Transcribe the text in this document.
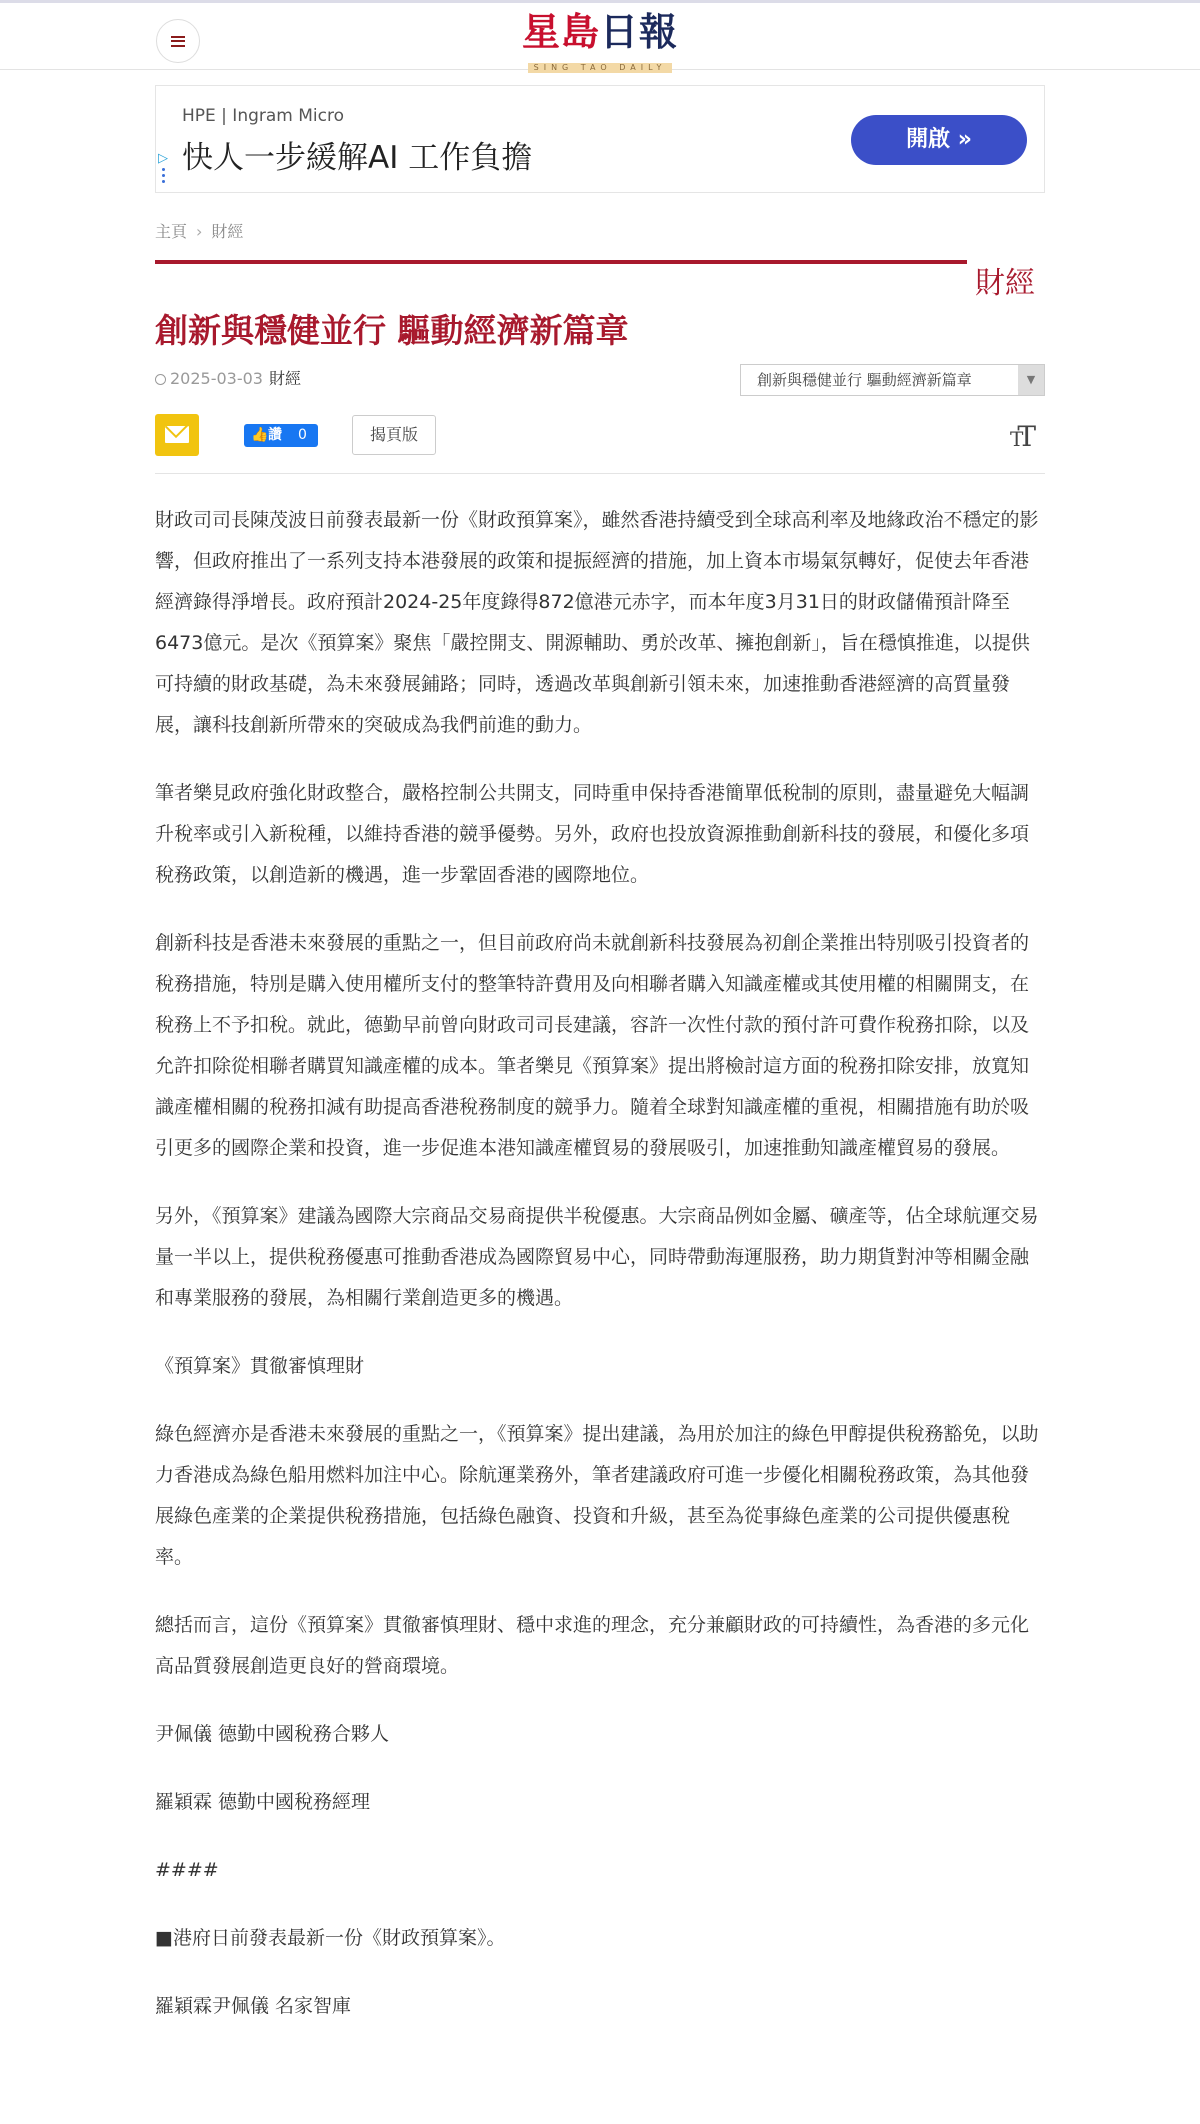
星島日報
SING TAO DAILY
HPE | Ingram Micro
快人一步緩解AI 工作負擔
▷
開啟 »
主頁 › 財經
財經
創新與穩健並行 驅動經濟新篇章
2025-03-03 財經	創新與穩健並行 驅動經濟新篇章	▼
👍 讚 0	揭頁版	TT

財政司司長陳茂波日前發表最新一份《財政預算案》，雖然香港持續受到全球高利率及地緣政治不穩定的影響，但政府推出了一系列支持本港發展的政策和提振經濟的措施，加上資本市場氣氛轉好，促使去年香港經濟錄得淨增長。政府預計2024-25年度錄得872億港元赤字，而本年度3月31日的財政儲備預計降至6473億元。是次《預算案》聚焦「嚴控開支、開源輔助、勇於改革、擁抱創新」，旨在穩慎推進，以提供可持續的財政基礎，為未來發展鋪路；同時，透過改革與創新引領未來，加速推動香港經濟的高質量發展，讓科技創新所帶來的突破成為我們前進的動力。

筆者樂見政府強化財政整合，嚴格控制公共開支，同時重申保持香港簡單低稅制的原則，盡量避免大幅調升稅率或引入新稅種，以維持香港的競爭優勢。另外，政府也投放資源推動創新科技的發展，和優化多項稅務政策，以創造新的機遇，進一步鞏固香港的國際地位。

創新科技是香港未來發展的重點之一，但目前政府尚未就創新科技發展為初創企業推出特別吸引投資者的稅務措施，特別是購入使用權所支付的整筆特許費用及向相聯者購入知識產權或其使用權的相關開支，在稅務上不予扣稅。就此，德勤早前曾向財政司司長建議，容許一次性付款的預付許可費作稅務扣除，以及允許扣除從相聯者購買知識產權的成本。筆者樂見《預算案》提出將檢討這方面的稅務扣除安排，放寬知識產權相關的稅務扣減有助提高香港稅務制度的競爭力。隨着全球對知識產權的重視，相關措施有助於吸引更多的國際企業和投資，進一步促進本港知識產權貿易的發展吸引，加速推動知識產權貿易的發展。

另外，《預算案》建議為國際大宗商品交易商提供半稅優惠。大宗商品例如金屬、礦產等，佔全球航運交易量一半以上，提供稅務優惠可推動香港成為國際貿易中心，同時帶動海運服務，助力期貨對沖等相關金融和專業服務的發展，為相關行業創造更多的機遇。

《預算案》貫徹審慎理財

綠色經濟亦是香港未來發展的重點之一，《預算案》提出建議，為用於加注的綠色甲醇提供稅務豁免，以助力香港成為綠色船用燃料加注中心。除航運業務外，筆者建議政府可進一步優化相關稅務政策，為其他發展綠色產業的企業提供稅務措施，包括綠色融資、投資和升級，甚至為從事綠色產業的公司提供優惠稅率。

總括而言，這份《預算案》貫徹審慎理財、穩中求進的理念，充分兼顧財政的可持續性，為香港的多元化高品質發展創造更良好的營商環境。

尹佩儀 德勤中國稅務合夥人

羅穎霖 德勤中國稅務經理

####

■港府日前發表最新一份《財政預算案》。

羅穎霖尹佩儀 名家智庫
